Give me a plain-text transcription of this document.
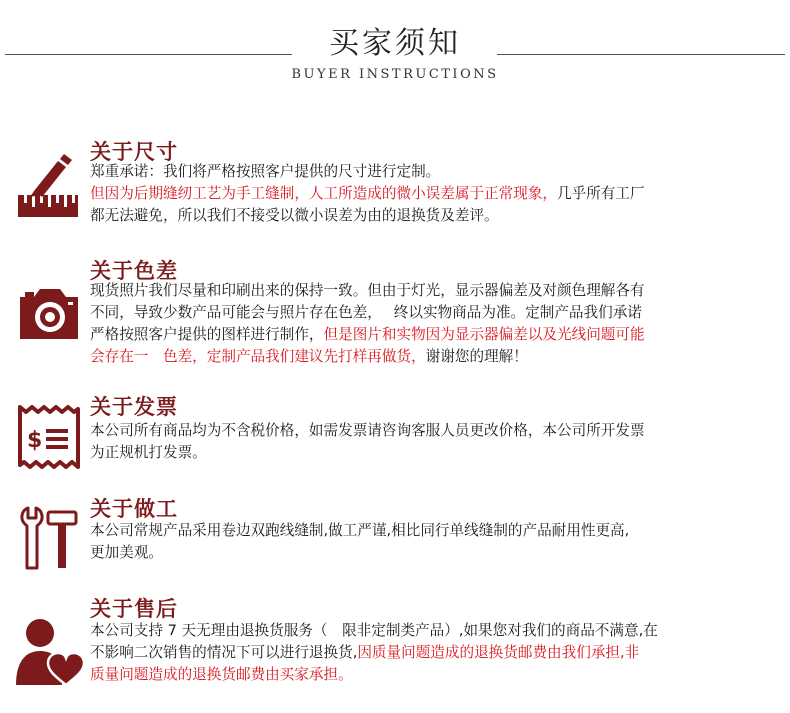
买家须知
BUYER INSTRUCTIONS
关于尺寸
郑重承诺：我们将严格按照客户提供的尺寸进行定制。
但因为后期缝纫工艺为手工缝制，人工所造成的微小误差属于正常现象，几乎所有工厂
都无法避免，所以我们不接受以微小误差为由的退换货及差评。
关于色差
现货照片我们尽量和印刷出来的保持一致。但由于灯光，显示器偏差及对颜色理解各有
不同，导致少数产品可能会与照片存在色差，　 终以实物商品为准。定制产品我们承诺
严格按照客户提供的图样进行制作，但是图片和实物因为显示器偏差以及光线问题可能
会存在一　色差，定制产品我们建议先打样再做货，谢谢您的理解！
$
关于发票
本公司所有商品均为不含税价格，如需发票请咨询客服人员更改价格，本公司所开发票
为正规机打发票。
关于做工
本公司常规产品采用卷边双跑线缝制,做工严谨,相比同行单线缝制的产品耐用性更高,
更加美观。
关于售后
本公司支持 7 天无理由退换货服务（　限非定制类产品）,如果您对我们的商品不满意,在
不影响二次销售的情况下可以进行退换货,因质量问题造成的退换货邮费由我们承担,非
质量问题造成的退换货邮费由买家承担。
